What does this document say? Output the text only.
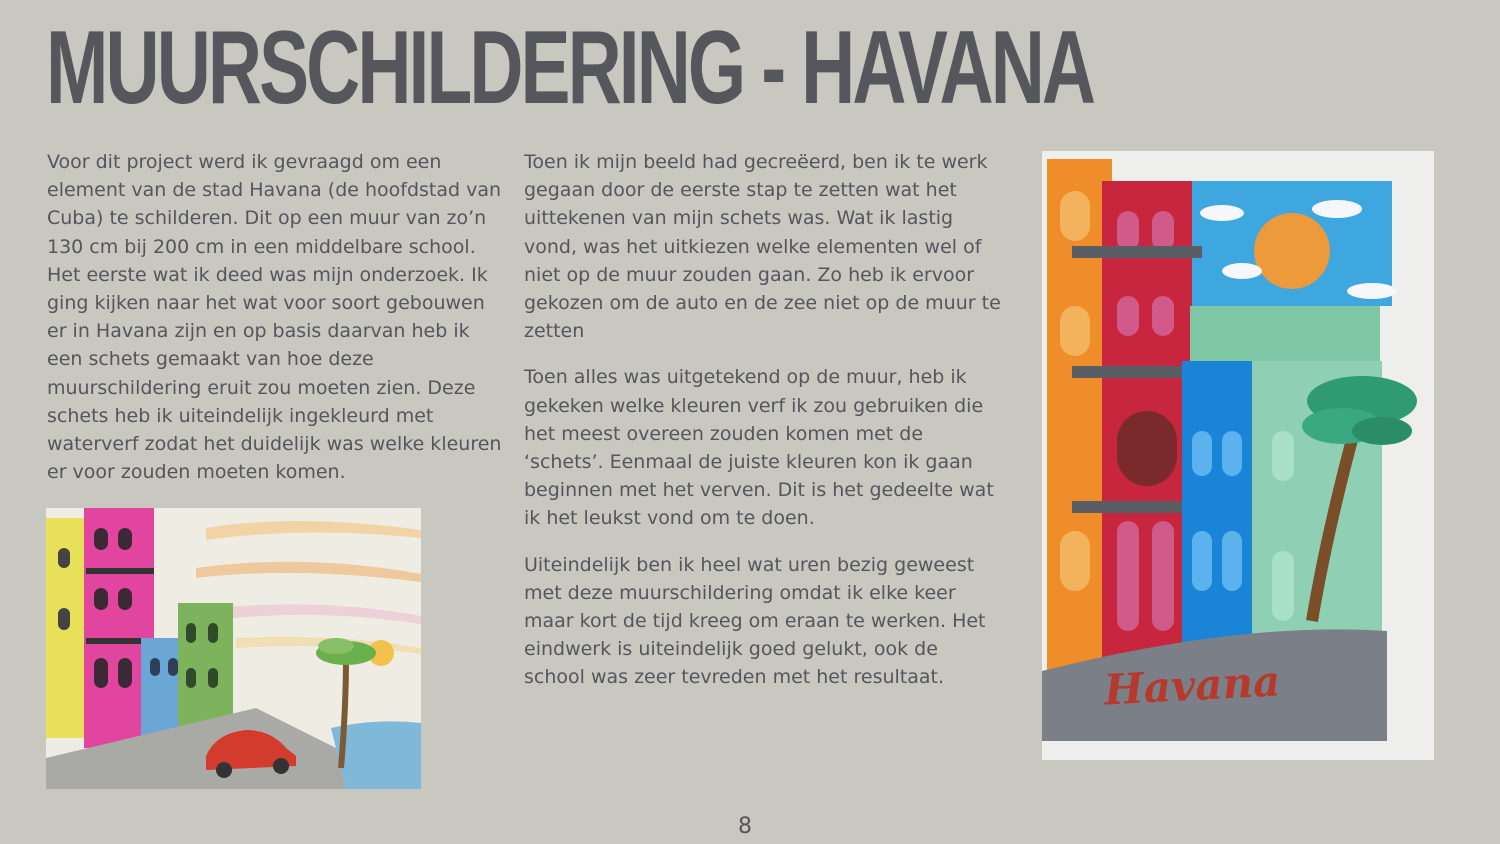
MUURSCHILDERING - HAVANA

Voor dit project werd ik gevraagd om een element van de stad Havana (de hoofdstad van Cuba) te schilderen. Dit op een muur van zo’n 130 cm bij 200 cm in een middelbare school. Het eerste wat ik deed was mijn onderzoek. Ik ging kijken naar het wat voor soort gebouwen er in Havana zijn en op basis daarvan heb ik een schets gemaakt van hoe deze muurschildering eruit zou moeten zien. Deze schets heb ik uiteindelijk ingekleurd met waterverf zodat het duidelijk was welke kleuren er voor zouden moeten komen.

Toen ik mijn beeld had gecreëerd, ben ik te werk gegaan door de eerste stap te zetten wat het uittekenen van mijn schets was. Wat ik lastig vond, was het uitkiezen welke elementen wel of niet op de muur zouden gaan. Zo heb ik ervoor gekozen om de auto en de zee niet op de muur te zetten

Toen alles was uitgetekend op de muur, heb ik gekeken welke kleuren verf ik zou gebruiken die het meest overeen zouden komen met de ‘schets’. Eenmaal de juiste kleuren kon ik gaan beginnen met het verven. Dit is het gedeelte wat ik het leukst vond om te doen.

Uiteindelijk ben ik heel wat uren bezig geweest met deze muurschildering omdat ik elke keer maar kort de tijd kreeg om eraan te werken. Het eindwerk is uiteindelijk goed gelukt, ook de school was zeer tevreden met het resultaat.	Havana
8
